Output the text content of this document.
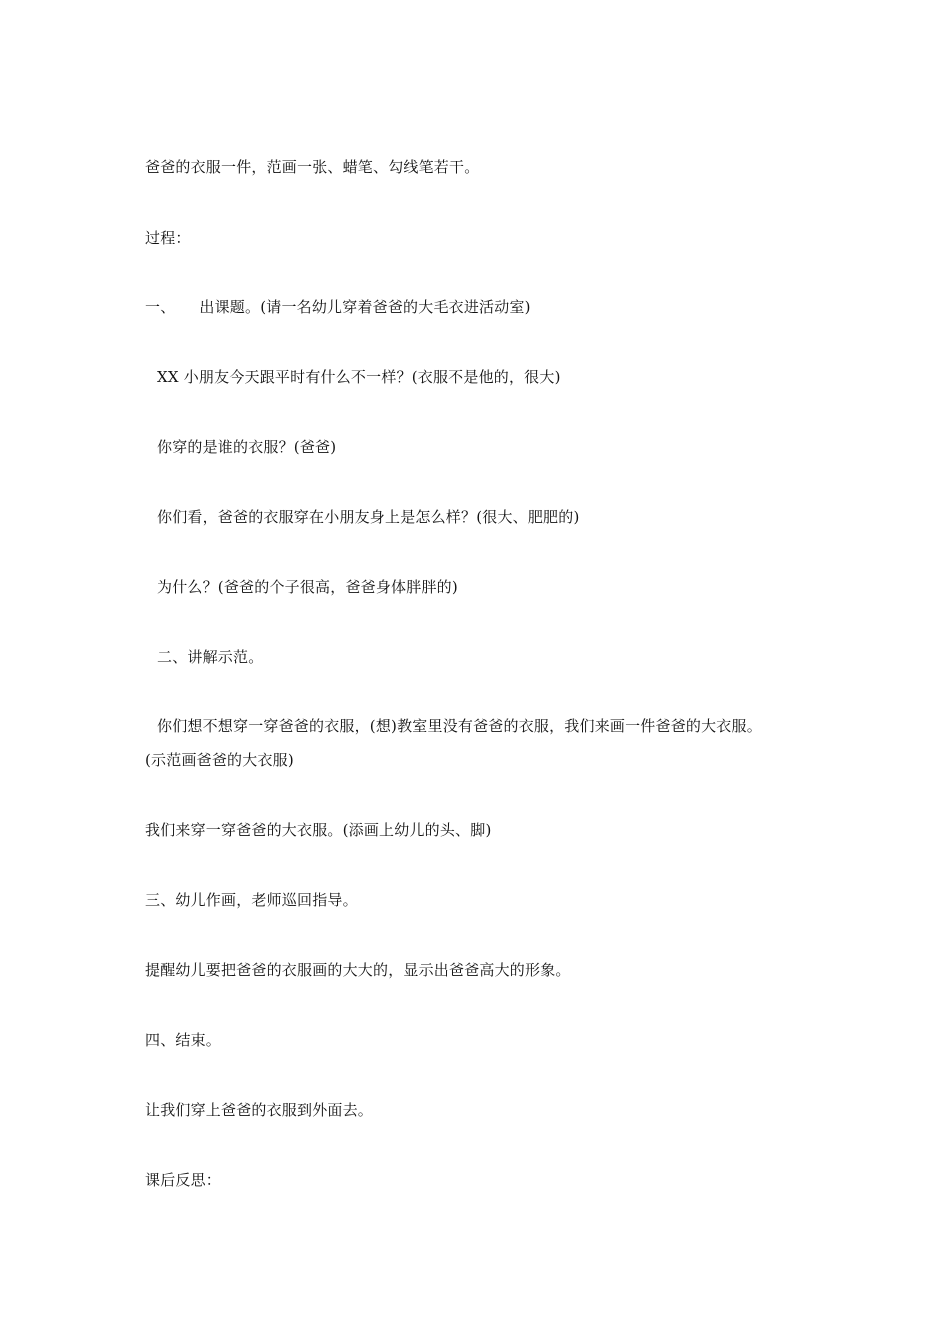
爸爸的衣服一件，范画一张、蜡笔、勾线笔若干。
过程：
一、 出课题。(请一名幼儿穿着爸爸的大毛衣进活动室)
XX 小朋友今天跟平时有什么不一样？(衣服不是他的，很大)
你穿的是谁的衣服？(爸爸)
你们看，爸爸的衣服穿在小朋友身上是怎么样？(很大、肥肥的)
为什么？(爸爸的个子很高，爸爸身体胖胖的)
二、讲解示范。
你们想不想穿一穿爸爸的衣服，(想)教室里没有爸爸的衣服，我们来画一件爸爸的大衣服。
(示范画爸爸的大衣服)
我们来穿一穿爸爸的大衣服。(添画上幼儿的头、脚)
三、幼儿作画，老师巡回指导。
提醒幼儿要把爸爸的衣服画的大大的，显示出爸爸高大的形象。
四、结束。
让我们穿上爸爸的衣服到外面去。
课后反思：
